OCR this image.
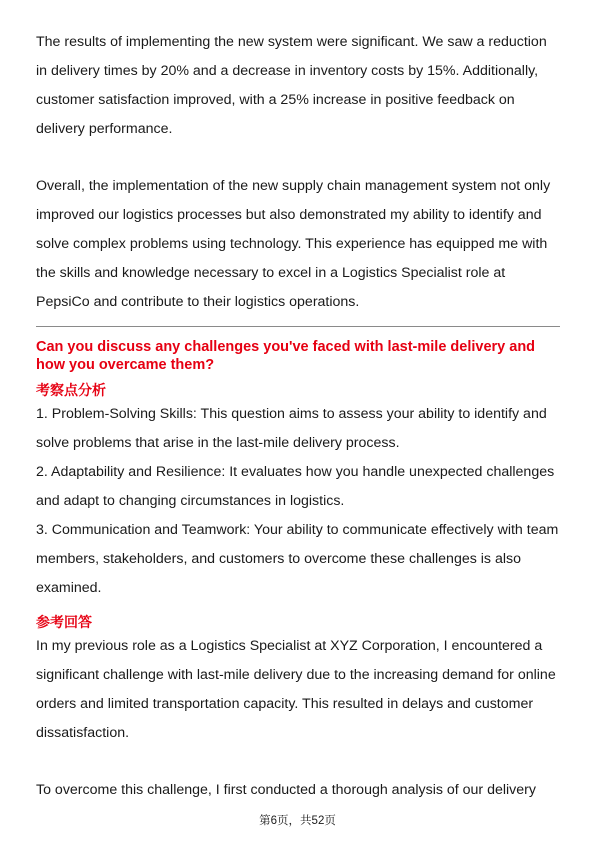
The results of implementing the new system were significant. We saw a reduction in delivery times by 20% and a decrease in inventory costs by 15%. Additionally, customer satisfaction improved, with a 25% increase in positive feedback on delivery performance.

Overall, the implementation of the new supply chain management system not only improved our logistics processes but also demonstrated my ability to identify and solve complex problems using technology. This experience has equipped me with the skills and knowledge necessary to excel in a Logistics Specialist role at PepsiCo and contribute to their logistics operations.

Can you discuss any challenges you've faced with last-mile delivery and how you overcame them?

考察点分析

1. Problem-Solving Skills: This question aims to assess your ability to identify and solve problems that arise in the last-mile delivery process.

2. Adaptability and Resilience: It evaluates how you handle unexpected challenges and adapt to changing circumstances in logistics.

3. Communication and Teamwork: Your ability to communicate effectively with team members, stakeholders, and customers to overcome these challenges is also examined.

参考回答

In my previous role as a Logistics Specialist at XYZ Corporation, I encountered a significant challenge with last-mile delivery due to the increasing demand for online orders and limited transportation capacity. This resulted in delays and customer dissatisfaction.

To overcome this challenge, I first conducted a thorough analysis of our delivery

第6页，共52页
